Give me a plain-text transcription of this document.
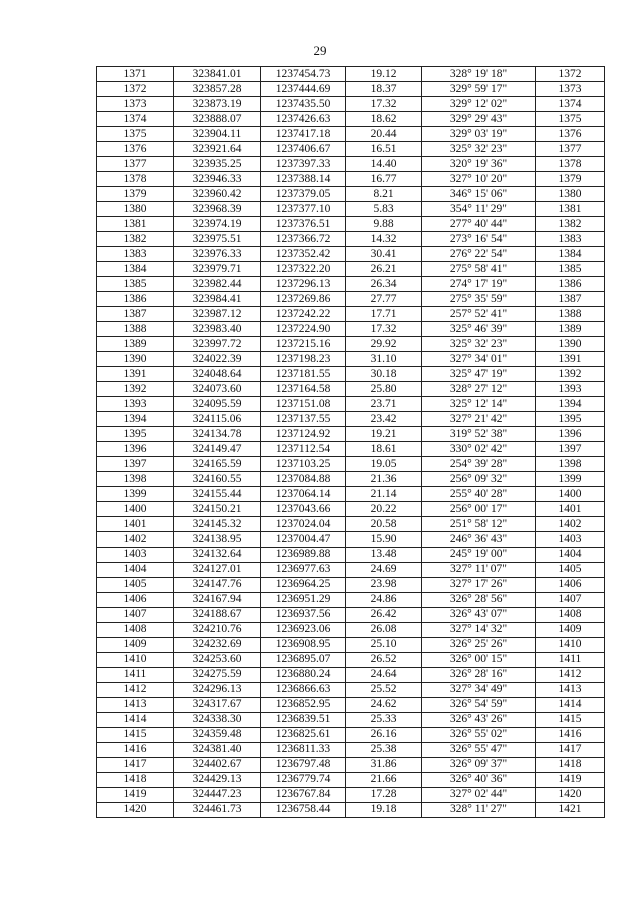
29
1371	323841.01	1237454.73	19.12	328° 19' 18"	1372
1372	323857.28	1237444.69	18.37	329° 59' 17"	1373
1373	323873.19	1237435.50	17.32	329° 12' 02"	1374
1374	323888.07	1237426.63	18.62	329° 29' 43"	1375
1375	323904.11	1237417.18	20.44	329° 03' 19"	1376
1376	323921.64	1237406.67	16.51	325° 32' 23"	1377
1377	323935.25	1237397.33	14.40	320° 19' 36"	1378
1378	323946.33	1237388.14	16.77	327° 10' 20"	1379
1379	323960.42	1237379.05	8.21	346° 15' 06"	1380
1380	323968.39	1237377.10	5.83	354° 11' 29"	1381
1381	323974.19	1237376.51	9.88	277° 40' 44"	1382
1382	323975.51	1237366.72	14.32	273° 16' 54"	1383
1383	323976.33	1237352.42	30.41	276° 22' 54"	1384
1384	323979.71	1237322.20	26.21	275° 58' 41"	1385
1385	323982.44	1237296.13	26.34	274° 17' 19"	1386
1386	323984.41	1237269.86	27.77	275° 35' 59"	1387
1387	323987.12	1237242.22	17.71	257° 52' 41"	1388
1388	323983.40	1237224.90	17.32	325° 46' 39"	1389
1389	323997.72	1237215.16	29.92	325° 32' 23"	1390
1390	324022.39	1237198.23	31.10	327° 34' 01"	1391
1391	324048.64	1237181.55	30.18	325° 47' 19"	1392
1392	324073.60	1237164.58	25.80	328° 27' 12"	1393
1393	324095.59	1237151.08	23.71	325° 12' 14"	1394
1394	324115.06	1237137.55	23.42	327° 21' 42"	1395
1395	324134.78	1237124.92	19.21	319° 52' 38"	1396
1396	324149.47	1237112.54	18.61	330° 02' 42"	1397
1397	324165.59	1237103.25	19.05	254° 39' 28"	1398
1398	324160.55	1237084.88	21.36	256° 09' 32"	1399
1399	324155.44	1237064.14	21.14	255° 40' 28"	1400
1400	324150.21	1237043.66	20.22	256° 00' 17"	1401
1401	324145.32	1237024.04	20.58	251° 58' 12"	1402
1402	324138.95	1237004.47	15.90	246° 36' 43"	1403
1403	324132.64	1236989.88	13.48	245° 19' 00"	1404
1404	324127.01	1236977.63	24.69	327° 11' 07"	1405
1405	324147.76	1236964.25	23.98	327° 17' 26"	1406
1406	324167.94	1236951.29	24.86	326° 28' 56"	1407
1407	324188.67	1236937.56	26.42	326° 43' 07"	1408
1408	324210.76	1236923.06	26.08	327° 14' 32"	1409
1409	324232.69	1236908.95	25.10	326° 25' 26"	1410
1410	324253.60	1236895.07	26.52	326° 00' 15"	1411
1411	324275.59	1236880.24	24.64	326° 28' 16"	1412
1412	324296.13	1236866.63	25.52	327° 34' 49"	1413
1413	324317.67	1236852.95	24.62	326° 54' 59"	1414
1414	324338.30	1236839.51	25.33	326° 43' 26"	1415
1415	324359.48	1236825.61	26.16	326° 55' 02"	1416
1416	324381.40	1236811.33	25.38	326° 55' 47"	1417
1417	324402.67	1236797.48	31.86	326° 09' 37"	1418
1418	324429.13	1236779.74	21.66	326° 40' 36"	1419
1419	324447.23	1236767.84	17.28	327° 02' 44"	1420
1420	324461.73	1236758.44	19.18	328° 11' 27"	1421
